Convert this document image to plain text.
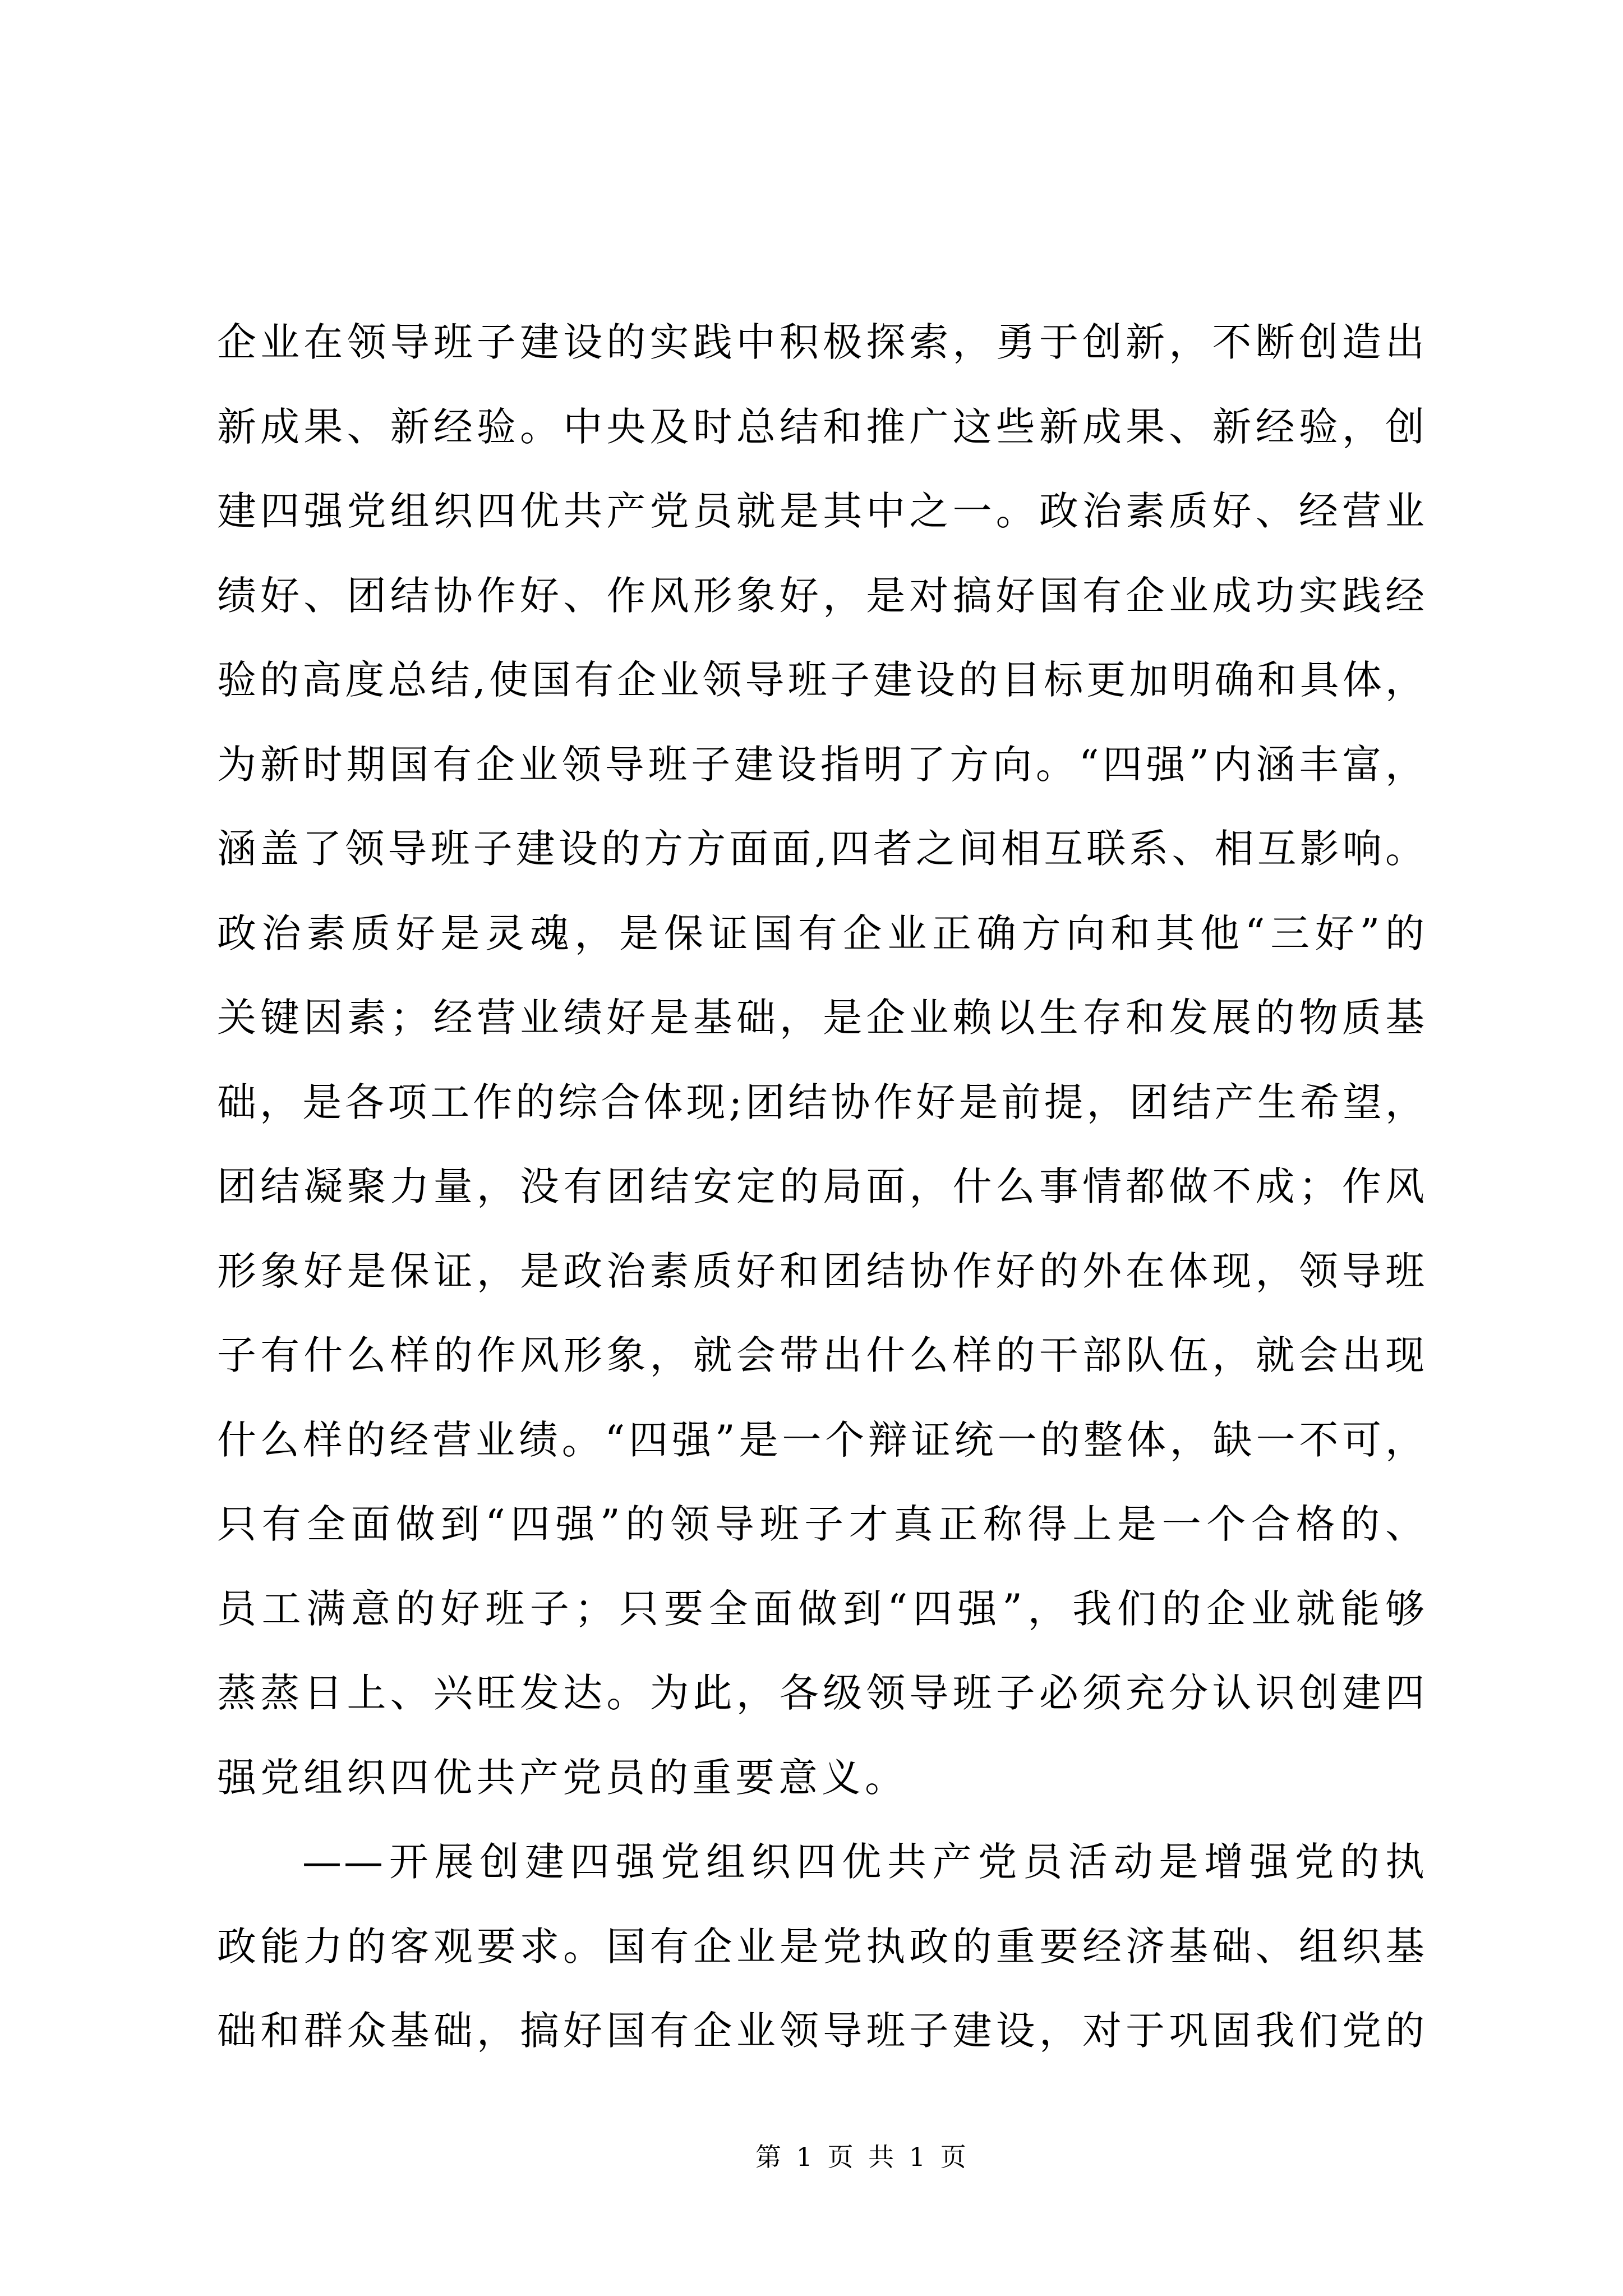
企业在领导班子建设的实践中积极探索，勇于创新，不断创造出
新成果、新经验。中央及时总结和推广这些新成果、新经验，创
建四强党组织四优共产党员就是其中之一。政治素质好、经营业
绩好、团结协作好、作风形象好，是对搞好国有企业成功实践经
验的高度总结,使国有企业领导班子建设的目标更加明确和具体，
为新时期国有企业领导班子建设指明了方向。“四强”内涵丰富，
涵盖了领导班子建设的方方面面,四者之间相互联系、相互影响。
政治素质好是灵魂，是保证国有企业正确方向和其他“三好”的
关键因素；经营业绩好是基础，是企业赖以生存和发展的物质基
础，是各项工作的综合体现;团结协作好是前提，团结产生希望，
团结凝聚力量，没有团结安定的局面，什么事情都做不成；作风
形象好是保证，是政治素质好和团结协作好的外在体现，领导班
子有什么样的作风形象，就会带出什么样的干部队伍，就会出现
什么样的经营业绩。“四强”是一个辩证统一的整体，缺一不可，
只有全面做到“四强”的领导班子才真正称得上是一个合格的、
员工满意的好班子；只要全面做到“四强”，我们的企业就能够
蒸蒸日上、兴旺发达。为此，各级领导班子必须充分认识创建四
强党组织四优共产党员的重要意义。
——开展创建四强党组织四优共产党员活动是增强党的执
政能力的客观要求。国有企业是党执政的重要经济基础、组织基
础和群众基础，搞好国有企业领导班子建设，对于巩固我们党的
第 1 页 共 1 页
